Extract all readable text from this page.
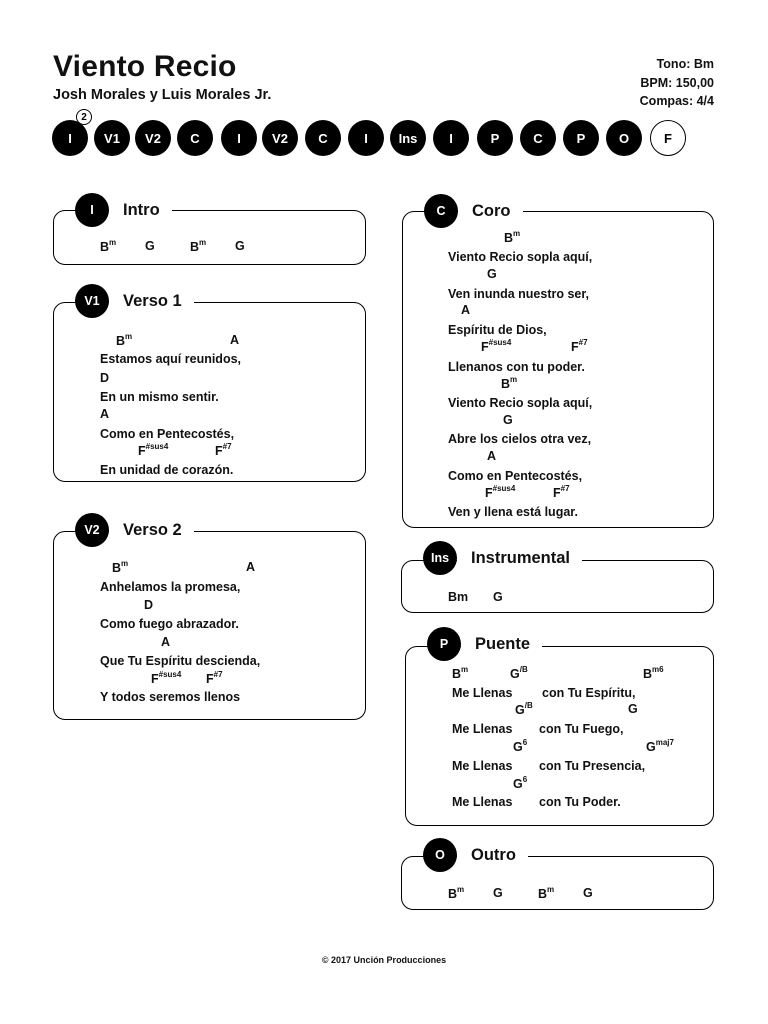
Viento Recio
Josh Morales y Luis Morales Jr.
Tono: Bm
BPM: 150,00
Compas: 4/4
I
2
V1	V2	C	I	V2	C	I	Ins	I	P	C	P	O	F
$B^m$ G	$B^m$ G
I	Intro
$B^m$	A
Estamos aquí reunidos,
D
En un mismo sentir.
A
Como en Pentecostés,
$F^{\#sus4}$	$F^{\#7}$
En unidad de corazón.
V1	Verso 1
$B^m$	A
Anhelamos la promesa,
D
Como fuego abrazador.
A
Que Tu Espíritu descienda,
$F^{\#sus4}$ $F^{\#7}$
Y todos seremos llenos
V2	Verso 2
$B^m$
Viento Recio sopla aquí,
G
Ven inunda nuestro ser,
A
Espíritu de Dios,
$F^{\#sus4}$	$F^{\#7}$
Llenanos con tu poder.
$B^m$
Viento Recio sopla aquí,
G
Abre los cielos otra vez,
A
Como en Pentecostés,
$F^{\#sus4}$	$F^{\#7}$
Ven y llena está lugar.
C	Coro
Bm G
Ins	Instrumental
$B^m$	$G^{/B}$	$B^{m6}$
Me Llenas con Tu Espíritu,
$G^{/B}$	G
Me Llenas con Tu Fuego,
$G^6$	$G^{maj7}$
Me Llenas con Tu Presencia,
$G^6$
Me Llenas con Tu Poder.
P	Puente
$B^m$ G	$B^m$ G
O	Outro
© 2017 Unción Producciones
